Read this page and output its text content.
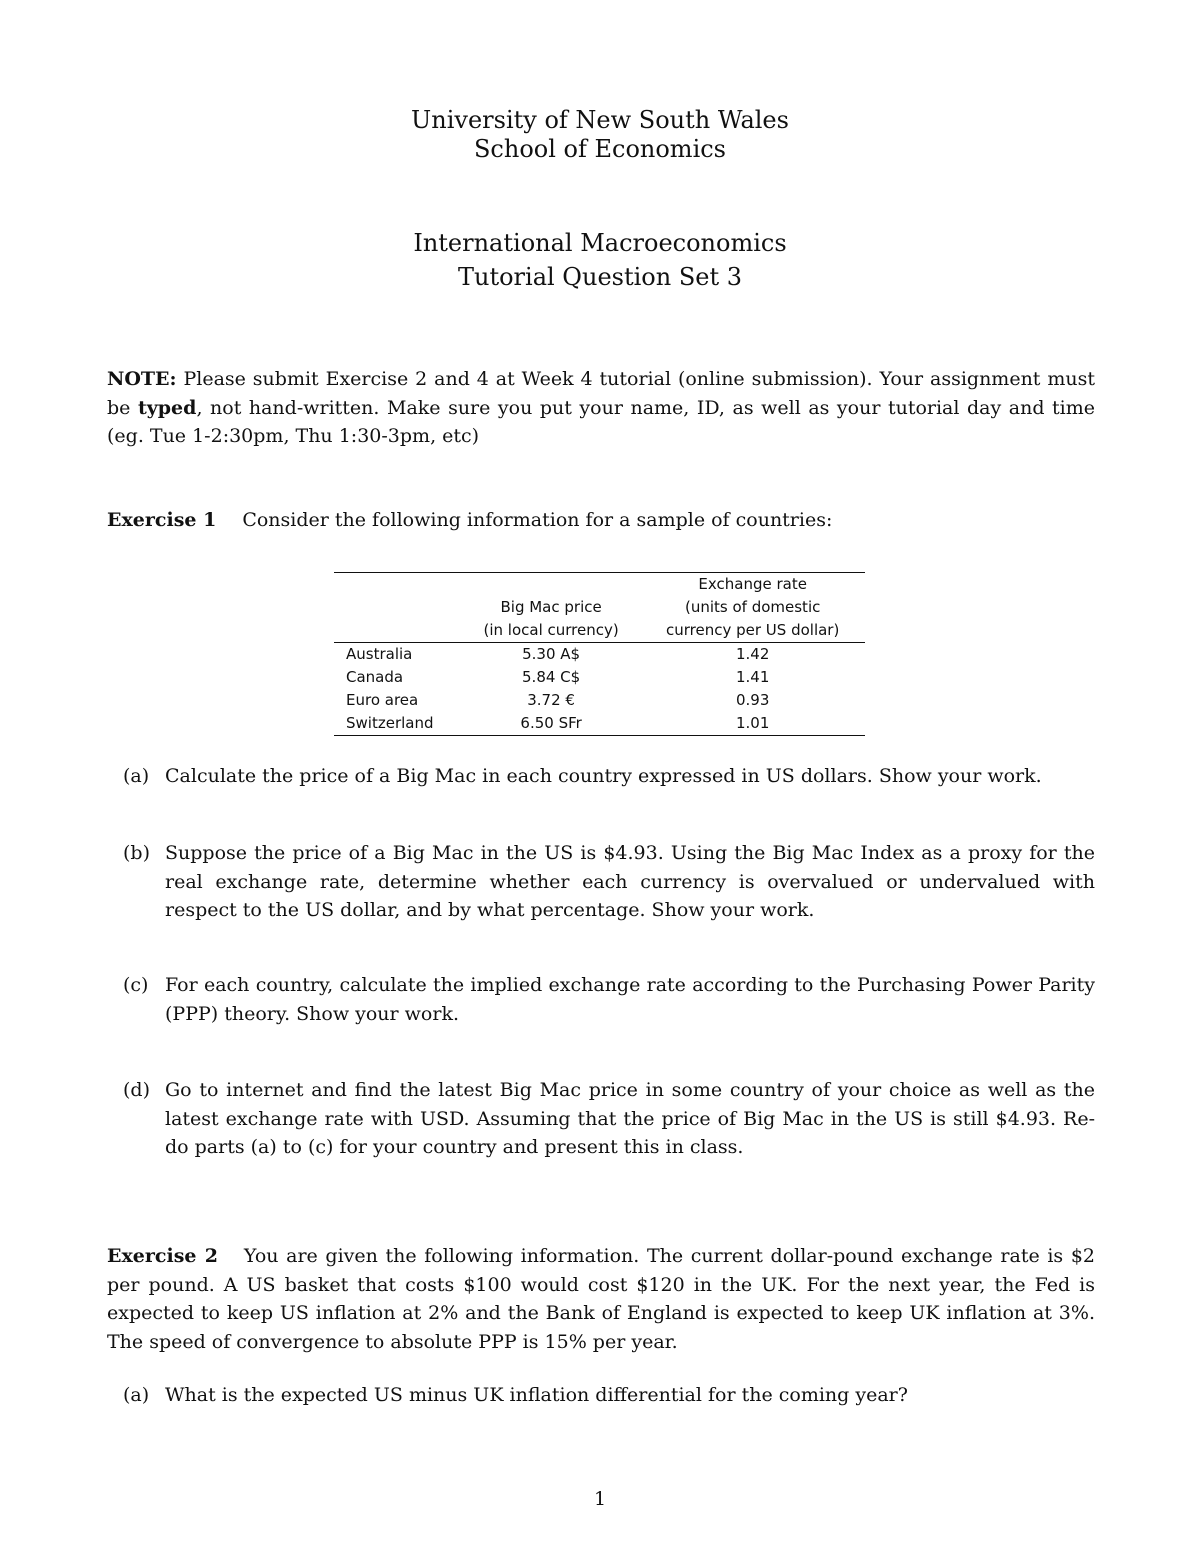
University of New South Wales
School of Economics
International Macroeconomics
Tutorial Question Set 3
NOTE: Please submit Exercise 2 and 4 at Week 4 tutorial (online submission). Your assignment must be typed, not hand-written. Make sure you put your name, ID, as well as your tutorial day and time (eg. Tue 1-2:30pm, Thu 1:30-3pm, etc)
Exercise 1 Consider the following information for a sample of countries:
		Exchange rate
	Big Mac price	(units of domestic
	(in local currency)	currency per US dollar)
Australia	5.30 A$	1.42
Canada	5.84 C$	1.41
Euro area	3.72 €	0.93
Switzerland	6.50 SFr	1.01
(a) Calculate the price of a Big Mac in each country expressed in US dollars. Show your work.
(b) Suppose the price of a Big Mac in the US is $4.93. Using the Big Mac Index as a proxy for the real exchange rate, determine whether each currency is overvalued or undervalued with respect to the US dollar, and by what percentage. Show your work.
(c) For each country, calculate the implied exchange rate according to the Purchasing Power Parity (PPP) theory. Show your work.
(d) Go to internet and find the latest Big Mac price in some country of your choice as well as the latest exchange rate with USD. Assuming that the price of Big Mac in the US is still $4.93. Re-do parts (a) to (c) for your country and present this in class.
Exercise 2 You are given the following information. The current dollar-pound exchange rate is $2 per pound. A US basket that costs $100 would cost $120 in the UK. For the next year, the Fed is expected to keep US inflation at 2% and the Bank of England is expected to keep UK inflation at 3%. The speed of convergence to absolute PPP is 15% per year.
(a) What is the expected US minus UK inflation differential for the coming year?
1
